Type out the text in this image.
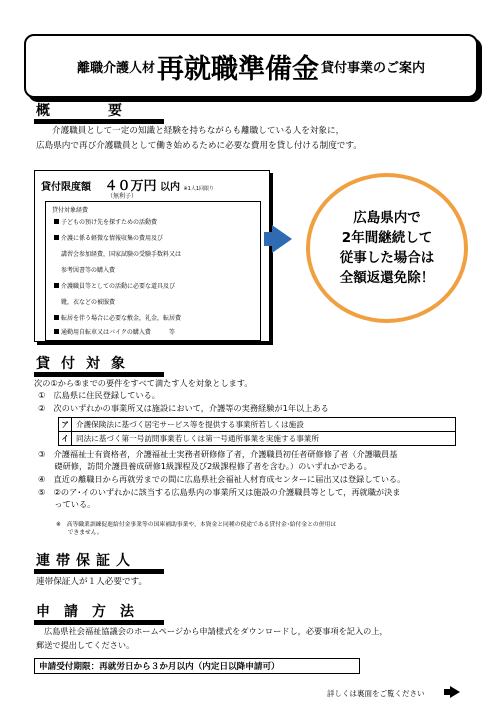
離職介護人材 再就職準備金 貸付事業のご案内
概　要
介護職員として一定の知識と経験を持ちながらも離職している人を対象に，
広島県内で再び介護職員として働き始めるために必要な費用を貸し付ける制度です。
貸付限度額 ４０万円 以内 ※1人1回限り
（無利子）
貸付対象経費
子どもの預け先を探すための活動費
介護に係る軽微な情報収集の費用及び
講習会参加経費，国家試験の受験手数料又は
参考図書等の購入費
介護職員等としての活動に必要な道具及び
靴，衣などの被服費
転居を伴う場合に必要な敷金，礼金，転居費
通勤用自転車又はバイクの購入費　　　等
広島県内で
2年間継続して
従事した場合は
全額返還免除！
貸付対象
次の①から⑤までの要件をすべて満たす人を対象とします。
①　広島県に住民登録している。
②　次のいずれかの事業所又は施設において，介護等の実務経験が1年以上ある
ア 介護保険法に基づく居宅サービス等を提供する事業所若しくは施設
イ 同法に基づく第一号訪問事業若しくは第一号通所事業を実施する事業所
③　介護福祉士有資格者，介護福祉士実務者研修修了者，介護職員初任者研修修了者（介護職員基
　　礎研修，訪問介護員養成研修1級課程及び2級課程修了者を含む。）のいずれかである。
④　直近の離職日から再就労までの間に広島県社会福祉人材育成センターに届出又は登録している。
⑤　②のア･イのいずれかに該当する広島県内の事業所又は施設の介護職員等として，再就職が決ま
　　っている。
※　高等職業訓練促進給付金事業等の国庫補助事業や，本資金と同種の使途である貸付金･給付金との併用は
　　できません。
連帯保証人
連帯保証人が１人必要です。
申請方法
広島県社会福祉協議会のホームページから申請様式をダウンロードし，必要事項を記入の上，
郵送で提出してください。
申請受付期限：再就労日から３か月以内（内定日以降申請可）
詳しくは裏面をご覧ください
